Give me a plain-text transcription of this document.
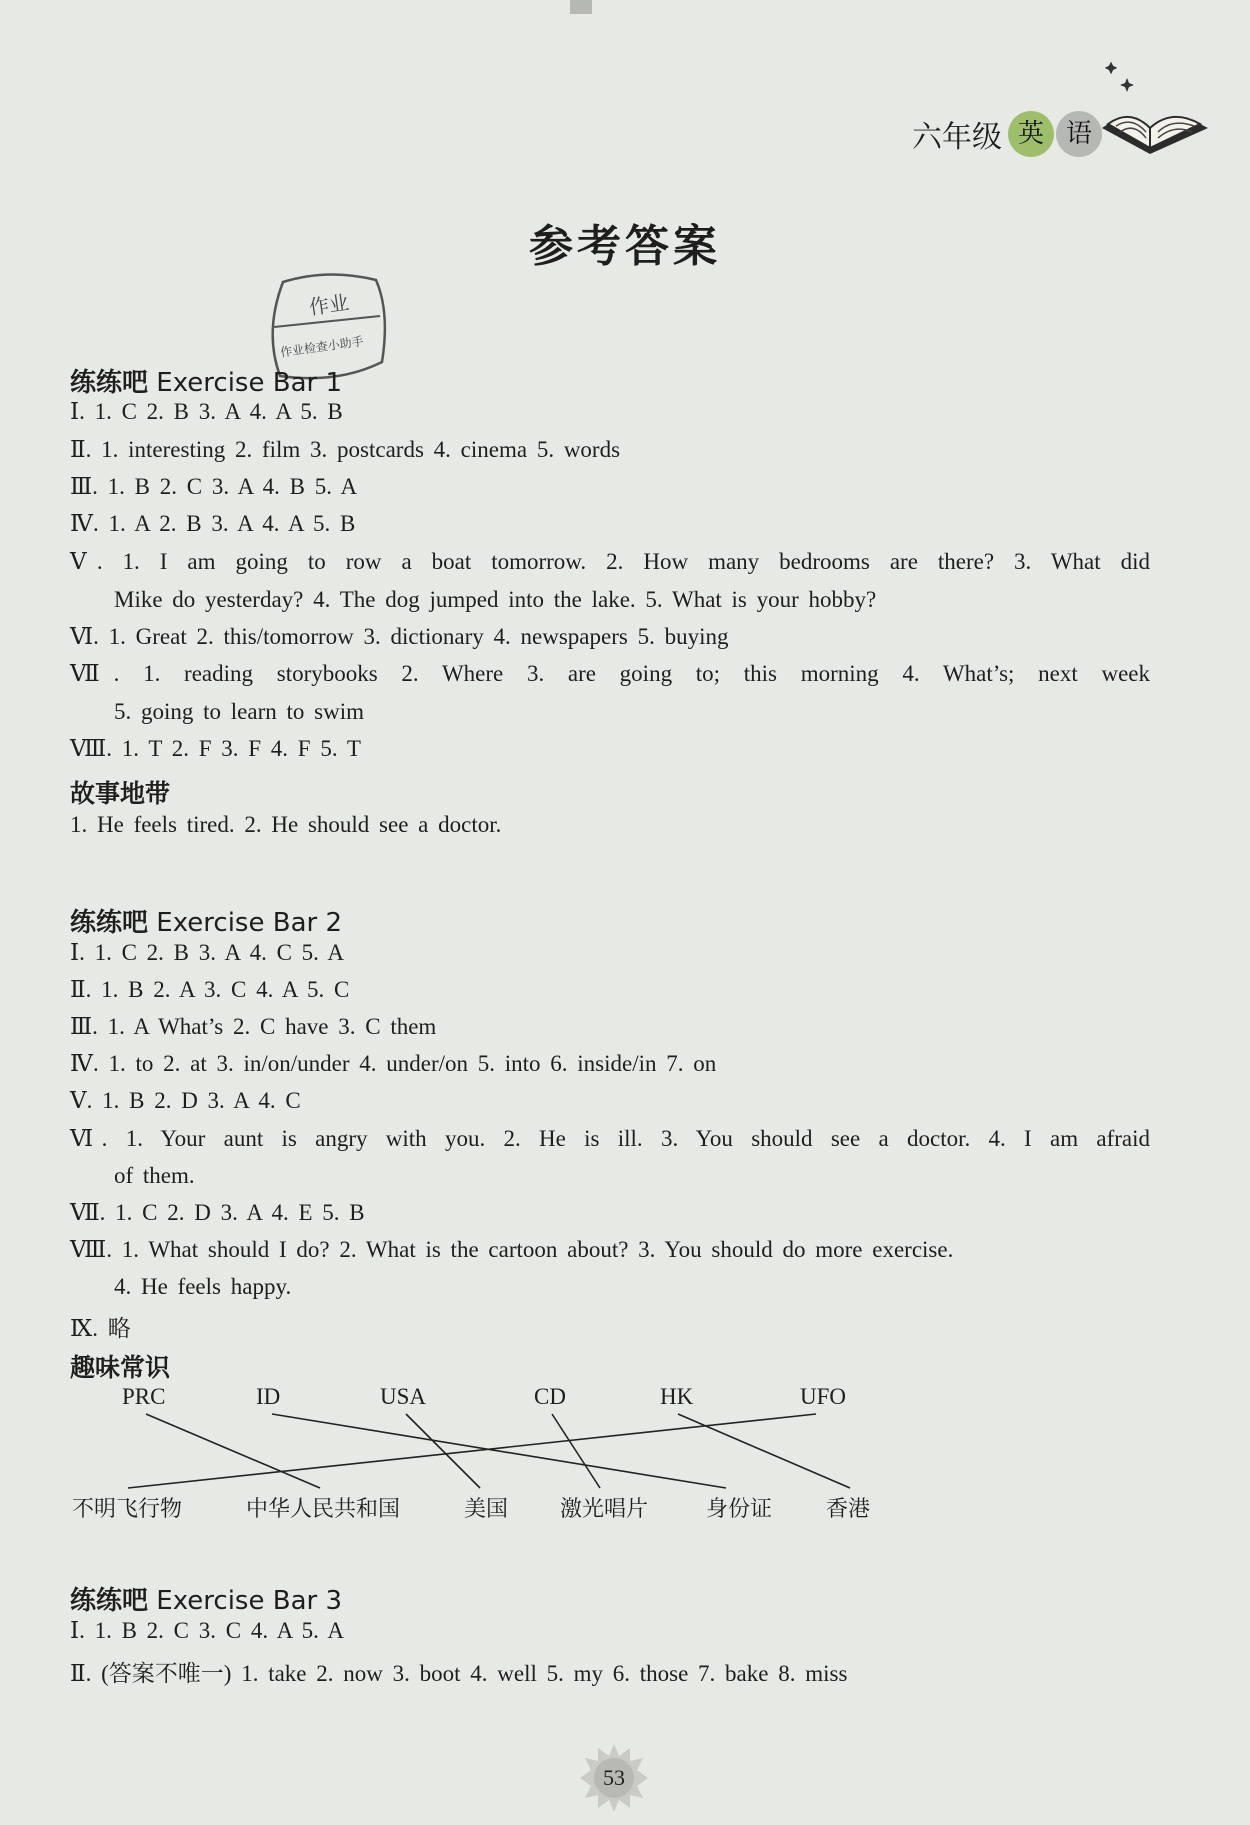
六年级 英 语
参考答案
作业
作业检查小助手
练练吧 Exercise Bar 1
Ⅰ. 1. C 2. B 3. A 4. A 5. B
Ⅱ. 1. interesting 2. film 3. postcards 4. cinema 5. words
Ⅲ. 1. B 2. C 3. A 4. B 5. A
Ⅳ. 1. A 2. B 3. A 4. A 5. B
Ⅴ. 1. I am going to row a boat tomorrow. 2. How many bedrooms are there? 3. What did
Mike do yesterday? 4. The dog jumped into the lake. 5. What is your hobby?
Ⅵ. 1. Great 2. this/tomorrow 3. dictionary 4. newspapers 5. buying
Ⅶ. 1. reading storybooks 2. Where 3. are going to; this morning 4. What’s; next week
5. going to learn to swim
Ⅷ. 1. T 2. F 3. F 4. F 5. T
故事地带
1. He feels tired. 2. He should see a doctor.
练练吧 Exercise Bar 2
Ⅰ. 1. C 2. B 3. A 4. C 5. A
Ⅱ. 1. B 2. A 3. C 4. A 5. C
Ⅲ. 1. A What’s 2. C have 3. C them
Ⅳ. 1. to 2. at 3. in/on/under 4. under/on 5. into 6. inside/in 7. on
Ⅴ. 1. B 2. D 3. A 4. C
Ⅵ. 1. Your aunt is angry with you. 2. He is ill. 3. You should see a doctor. 4. I am afraid
of them.
Ⅶ. 1. C 2. D 3. A 4. E 5. B
Ⅷ. 1. What should I do? 2. What is the cartoon about? 3. You should do more exercise.
4. He feels happy.
Ⅸ. 略
趣味常识
练练吧 Exercise Bar 3
Ⅰ. 1. B 2. C 3. C 4. A 5. A
Ⅱ. (答案不唯一) 1. take 2. now 3. boot 4. well 5. my 6. those 7. bake 8. miss
PRC	ID	USA	CD	HK	UFO
不明飞行物	中华人民共和国	美国 激光唱片	身份证 香港
53
